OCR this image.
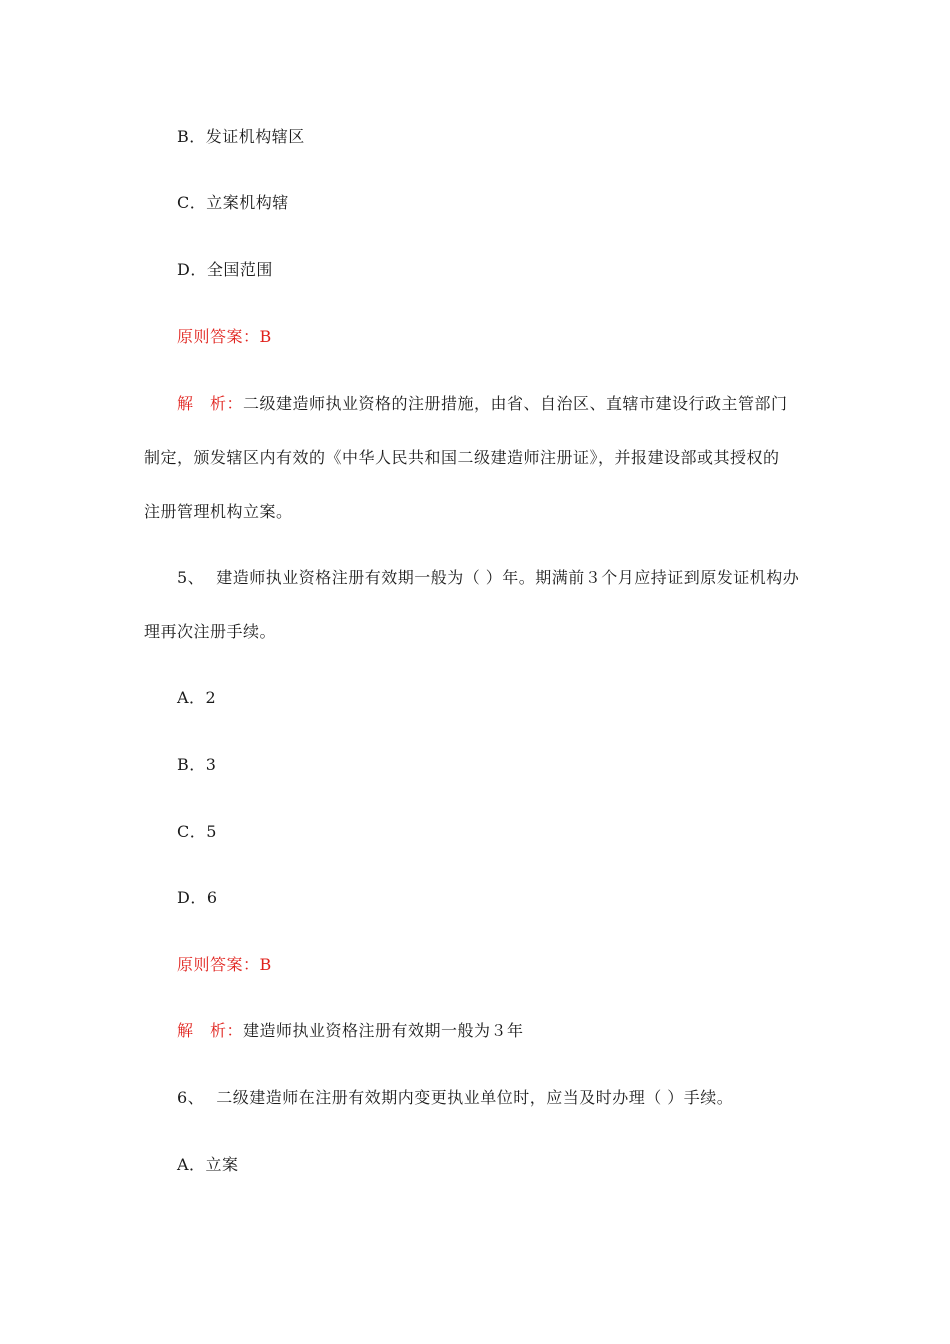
B．发证机构辖区
C．立案机构辖
D．全国范围
原则答案：B
解　析：二级建造师执业资格的注册措施，由省、自治区、直辖市建设行政主管部门
制定，颁发辖区内有效的《中华人民共和国二级建造师注册证》，并报建设部或其授权的
注册管理机构立案。
5、 建造师执业资格注册有效期一般为（ ）年。期满前３个月应持证到原发证机构办
理再次注册手续。
A．2
B．3
C．5
D．6
原则答案：B
解　析：建造师执业资格注册有效期一般为３年
6、 二级建造师在注册有效期内变更执业单位时，应当及时办理（ ）手续。
A．立案
